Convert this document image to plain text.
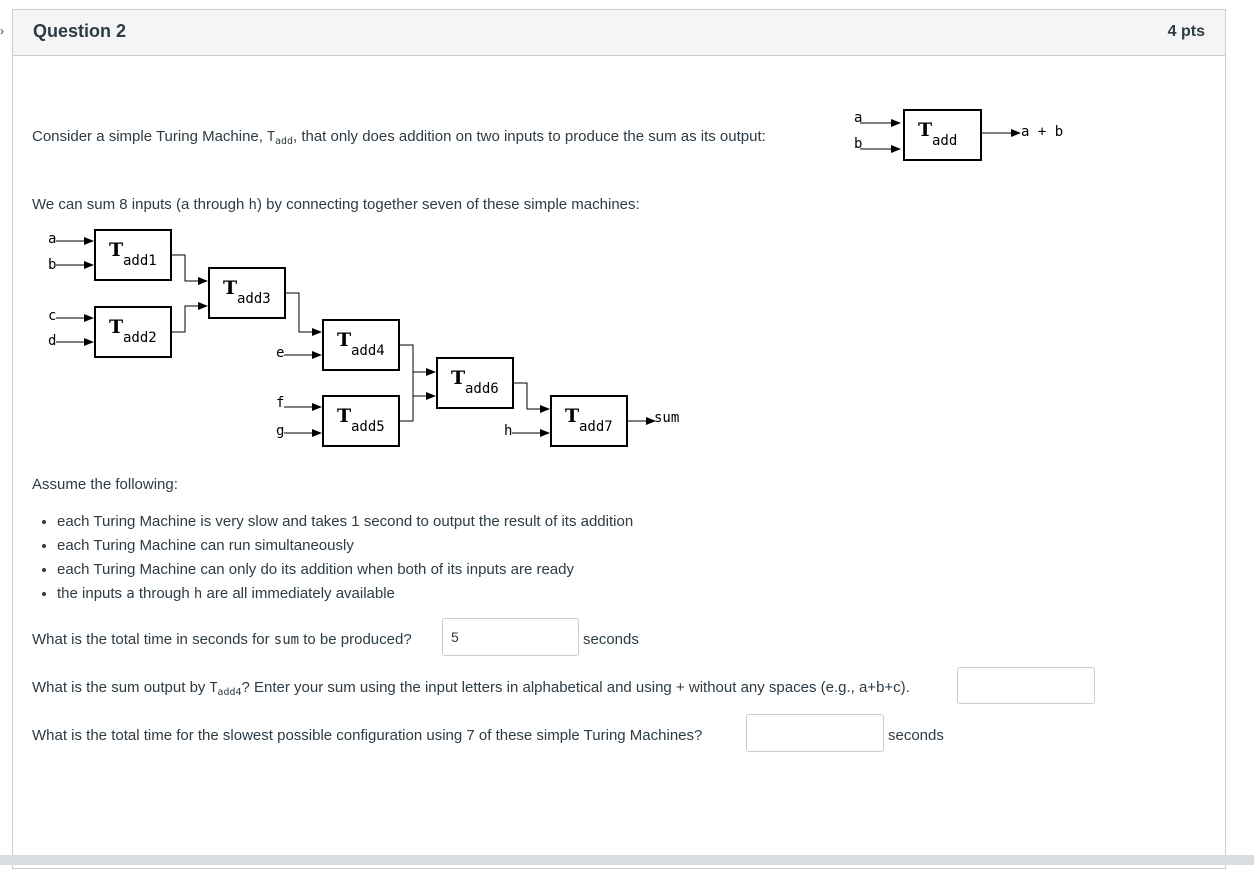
› Question 2	4 pts
Consider a simple Turing Machine, $T_{add}$, that only does addition on two inputs to produce the sum as its output:
a
b
T add
a + b
We can sum 8 inputs (a through h) by connecting together seven of these simple machines:
T add1
T add2
T add3
T add4
T add5
T add6
T add7
a
b
c
d
e
f
g	h
sum
Assume the following:
• each Turing Machine is very slow and takes 1 second to output the result of its addition
• each Turing Machine can run simultaneously
• each Turing Machine can only do its addition when both of its inputs are ready
• the inputs a through h are all immediately available
What is the total time in seconds for sum to be produced?
5	seconds
What is the sum output by $T_{add4}$? Enter your sum using the input letters in alphabetical and using + without any spaces (e.g., a+b+c).
What is the total time for the slowest possible configuration using 7 of these simple Turing Machines?	seconds
